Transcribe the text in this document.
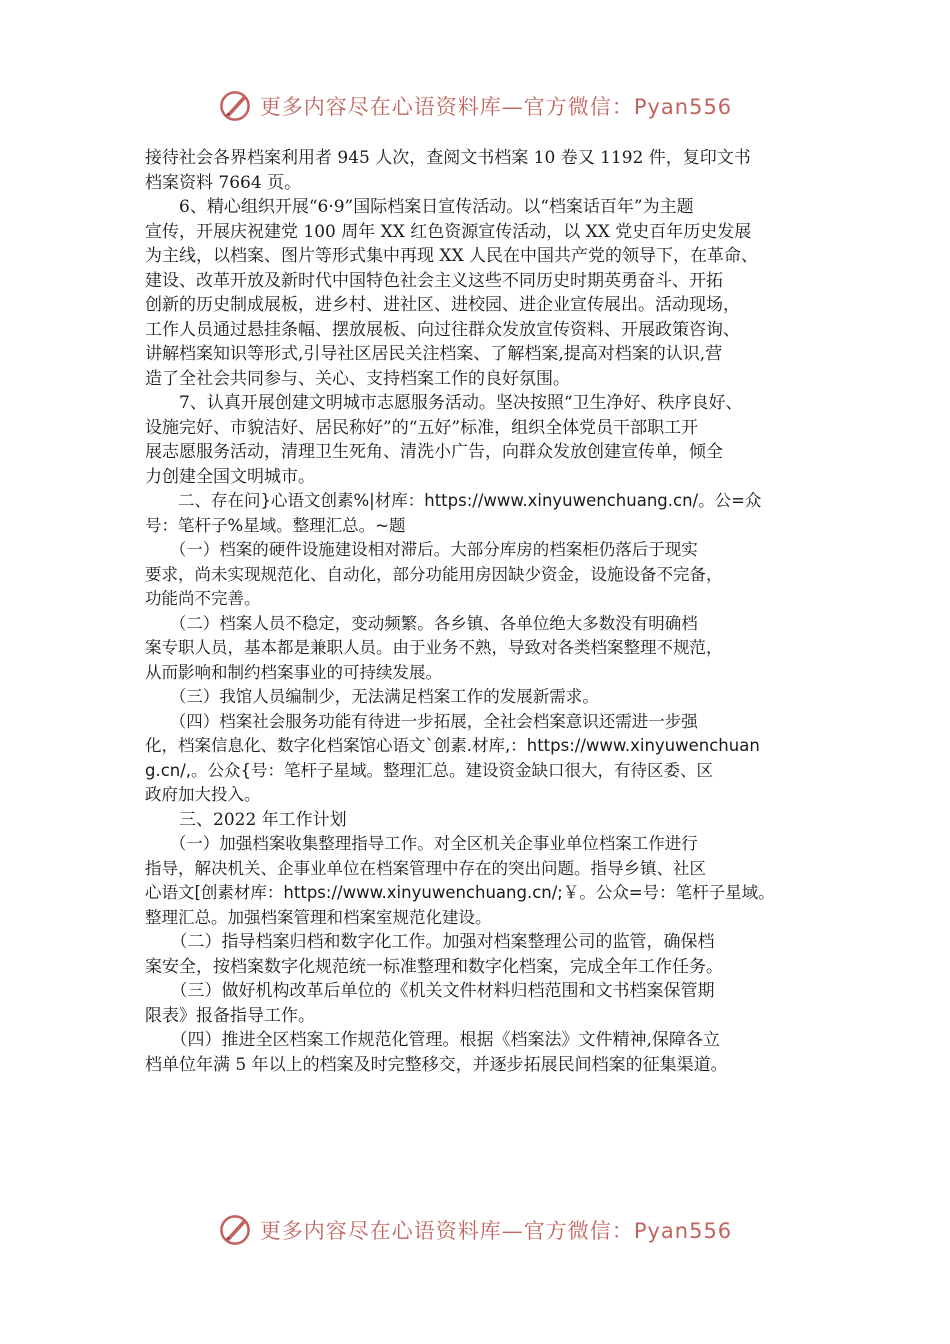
更多内容尽在心语资料库—官方微信：Pyan556
接待社会各界档案利用者 945 人次，查阅文书档案 10 卷又 1192 件，复印文书
档案资料 7664 页。
　　6、精心组织开展“6·9”国际档案日宣传活动。以“档案话百年”为主题
宣传，开展庆祝建党 100 周年 XX 红色资源宣传活动，以 XX 党史百年历史发展
为主线，以档案、图片等形式集中再现 XX 人民在中国共产党的领导下，在革命、
建设、改革开放及新时代中国特色社会主义这些不同历史时期英勇奋斗、开拓
创新的历史制成展板，进乡村、进社区、进校园、进企业宣传展出。活动现场，
工作人员通过悬挂条幅、摆放展板、向过往群众发放宣传资料、开展政策咨询、
讲解档案知识等形式,引导社区居民关注档案、了解档案,提高对档案的认识,营
造了全社会共同参与、关心、支持档案工作的良好氛围。
　　7、认真开展创建文明城市志愿服务活动。坚决按照“卫生净好、秩序良好、
设施完好、市貌洁好、居民称好”的“五好”标准，组织全体党员干部职工开
展志愿服务活动，清理卫生死角、清洗小广告，向群众发放创建宣传单，倾全
力创建全国文明城市。
　　二、存在问}心语文创素%|材库：https://www.xinyuwenchuang.cn/。公=众
号：笔杆子%星域。整理汇总。~题
　　（一）档案的硬件设施建设相对滞后。大部分库房的档案柜仍落后于现实
要求，尚未实现规范化、自动化，部分功能用房因缺少资金，设施设备不完备，
功能尚不完善。
　　（二）档案人员不稳定，变动频繁。各乡镇、各单位绝大多数没有明确档
案专职人员，基本都是兼职人员。由于业务不熟，导致对各类档案整理不规范，
从而影响和制约档案事业的可持续发展。
　　（三）我馆人员编制少，无法满足档案工作的发展新需求。
　　（四）档案社会服务功能有待进一步拓展，全社会档案意识还需进一步强
化，档案信息化、数字化档案馆心语文`创素.材库,：https://www.xinyuwenchuan
g.cn/,。公众{号：笔杆子星域。整理汇总。建设资金缺口很大，有待区委、区
政府加大投入。
　　三、2022 年工作计划
　　（一）加强档案收集整理指导工作。对全区机关企事业单位档案工作进行
指导，解决机关、企事业单位在档案管理中存在的突出问题。指导乡镇、社区
心语文[创素材库：https://www.xinyuwenchuang.cn/;￥。公众=号：笔杆子星域。
整理汇总。加强档案管理和档案室规范化建设。
　　（二）指导档案归档和数字化工作。加强对档案整理公司的监管，确保档
案安全，按档案数字化规范统一标准整理和数字化档案，完成全年工作任务。
　　（三）做好机构改革后单位的《机关文件材料归档范围和文书档案保管期
限表》报备指导工作。
　　（四）推进全区档案工作规范化管理。根据《档案法》文件精神,保障各立
档单位年满 5 年以上的档案及时完整移交，并逐步拓展民间档案的征集渠道。
更多内容尽在心语资料库—官方微信：Pyan556
